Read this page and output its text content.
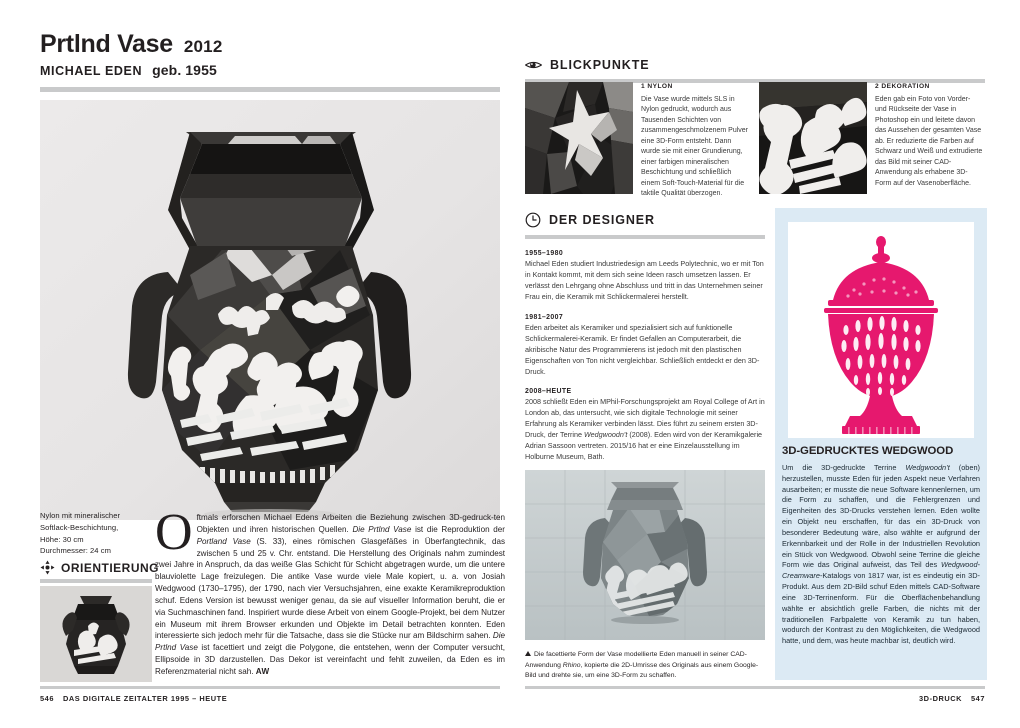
Prtlnd Vase 2012
MICHAEL EDEN geb. 1955
Nylon mit mineralischer
Softlack-Beschichtung,
Höhe: 30 cm
Durchmesser: 24 cm
ORIENTIERUNG
Oftmals erforschen Michael Edens Arbeiten die Beziehung zwischen 3D-gedruck-ten Objekten und ihren historischen Quellen. Die Prtlnd Vase ist die Reproduktion der Portland Vase (S. 33), eines römischen Glasgefäßes in Überfangtechnik, das zwischen 5 und 25 v. Chr. entstand. Die Herstellung des Originals nahm zumindest zwei Jahre in Anspruch, da das weiße Glas Schicht für Schicht abgetragen wurde, um die untere blauviolette Lage freizulegen. Die antike Vase wurde viele Male kopiert, u. a. von Josiah Wedgwood (1730–1795), der 1790, nach vier Versuchsjahren, eine exakte Keramikreproduktion schuf. Edens Version ist bewusst weniger genau, da sie auf visueller Information beruht, die er via Suchmaschinen fand. Inspiriert wurde diese Arbeit von einem Google-Projekt, bei dem Nutzer ein Museum mit ihrem Browser erkunden und Objekte im Detail betrachten konnten. Eden interessierte sich jedoch mehr für die Tatsache, dass sie die Stücke nur am Bildschirm sahen. Die Prtlnd Vase ist facettiert und zeigt die Polygone, die entstehen, wenn der Computer versucht, Ellipsoide in 3D darzustellen. Das Dekor ist vereinfacht und fehlt zuweilen, da Eden es im Referenzmaterial nicht sah. AW
BLICKPUNKTE
1 NYLON
Die Vase wurde mittels SLS in Nylon gedruckt, wodurch aus Tausenden Schichten von zusammengeschmolzenem Pulver eine 3D-Form entsteht. Dann wurde sie mit einer Grundierung, einer farbigen mineralischen Beschichtung und schließlich einem Soft-Touch-Material für die taktile Qualität überzogen.
2 DEKORATION
Eden gab ein Foto von Vorder- und Rückseite der Vase in Photoshop ein und leitete davon das Aussehen der gesamten Vase ab. Er reduzierte die Farben auf Schwarz und Weiß und extrudierte das Bild mit seiner CAD-Anwendung als erhabene 3D-Form auf der Vasenoberfläche.
DER DESIGNER
1955–1980
Michael Eden studiert Industriedesign am Leeds Polytechnic, wo er mit Ton in Kontakt kommt, mit dem sich seine Ideen rasch umsetzen lassen. Er verlässt den Lehrgang ohne Abschluss und tritt in das Unternehmen seiner Frau ein, die Keramik mit Schlickermalerei herstellt.
1981–2007
Eden arbeitet als Keramiker und spezialisiert sich auf funktionelle Schlickermalerei-Keramik. Er findet Gefallen an Computerarbeit, die akribische Natur des Programmierens ist jedoch mit den plastischen Eigenschaften von Ton nicht vergleichbar. Schließlich entdeckt er den 3D-Druck.
2008–HEUTE
2008 schließt Eden ein MPhil-Forschungsprojekt am Royal College of Art in London ab, das untersucht, wie sich digitale Technologie mit seiner Erfahrung als Keramiker verbinden lässt. Dies führt zu seinem ersten 3D-Druck, der Terrine Wedgwoodn’t (2008). Eden wird von der Keramikgalerie Adrian Sassoon vertreten. 2015/16 hat er eine Einzelausstellung im Holburne Museum, Bath.
Die facettierte Form der Vase modellierte Eden manuell in seiner CAD-Anwendung Rhino, kopierte die 2D-Umrisse des Originals aus einem Google-Bild und drehte sie, um eine 3D-Form zu schaffen.
3D-GEDRUCKTES WEDGWOOD
Um die 3D-gedruckte Terrine Wedgwoodn’t (oben) herzustellen, musste Eden für jeden Aspekt neue Verfahren ausarbeiten; er musste die neue Software kennenlernen, um die Form zu schaffen, und die Fehlergrenzen und Eigenheiten des 3D-Drucks verstehen lernen. Eden wollte ein Objekt neu erschaffen, für das ein 3D-Druck von besonderer Bedeutung wäre, also wählte er aufgrund der Erkennbarkeit und der Rolle in der Industriellen Revolution ein Stück von Wedgwood. Obwohl seine Terrine die gleiche Form wie das Original aufweist, das Teil des Wedgwood-Creamware-Katalogs von 1817 war, ist es eindeutig ein 3D-Produkt. Aus dem 2D-Bild schuf Eden mittels CAD-Software eine 3D-Terrinenform. Für die Oberflächenbehandlung wählte er absichtlich grelle Farben, die nichts mit der traditionellen Farbpalette von Keramik zu tun haben, wodurch der Kontrast zu den Möglichkeiten, die Wedgwood hatte, und dem, was heute machbar ist, deutlich wird.
546 DAS DIGITALE ZEITALTER 1995 – HEUTE	3D-DRUCK 547
